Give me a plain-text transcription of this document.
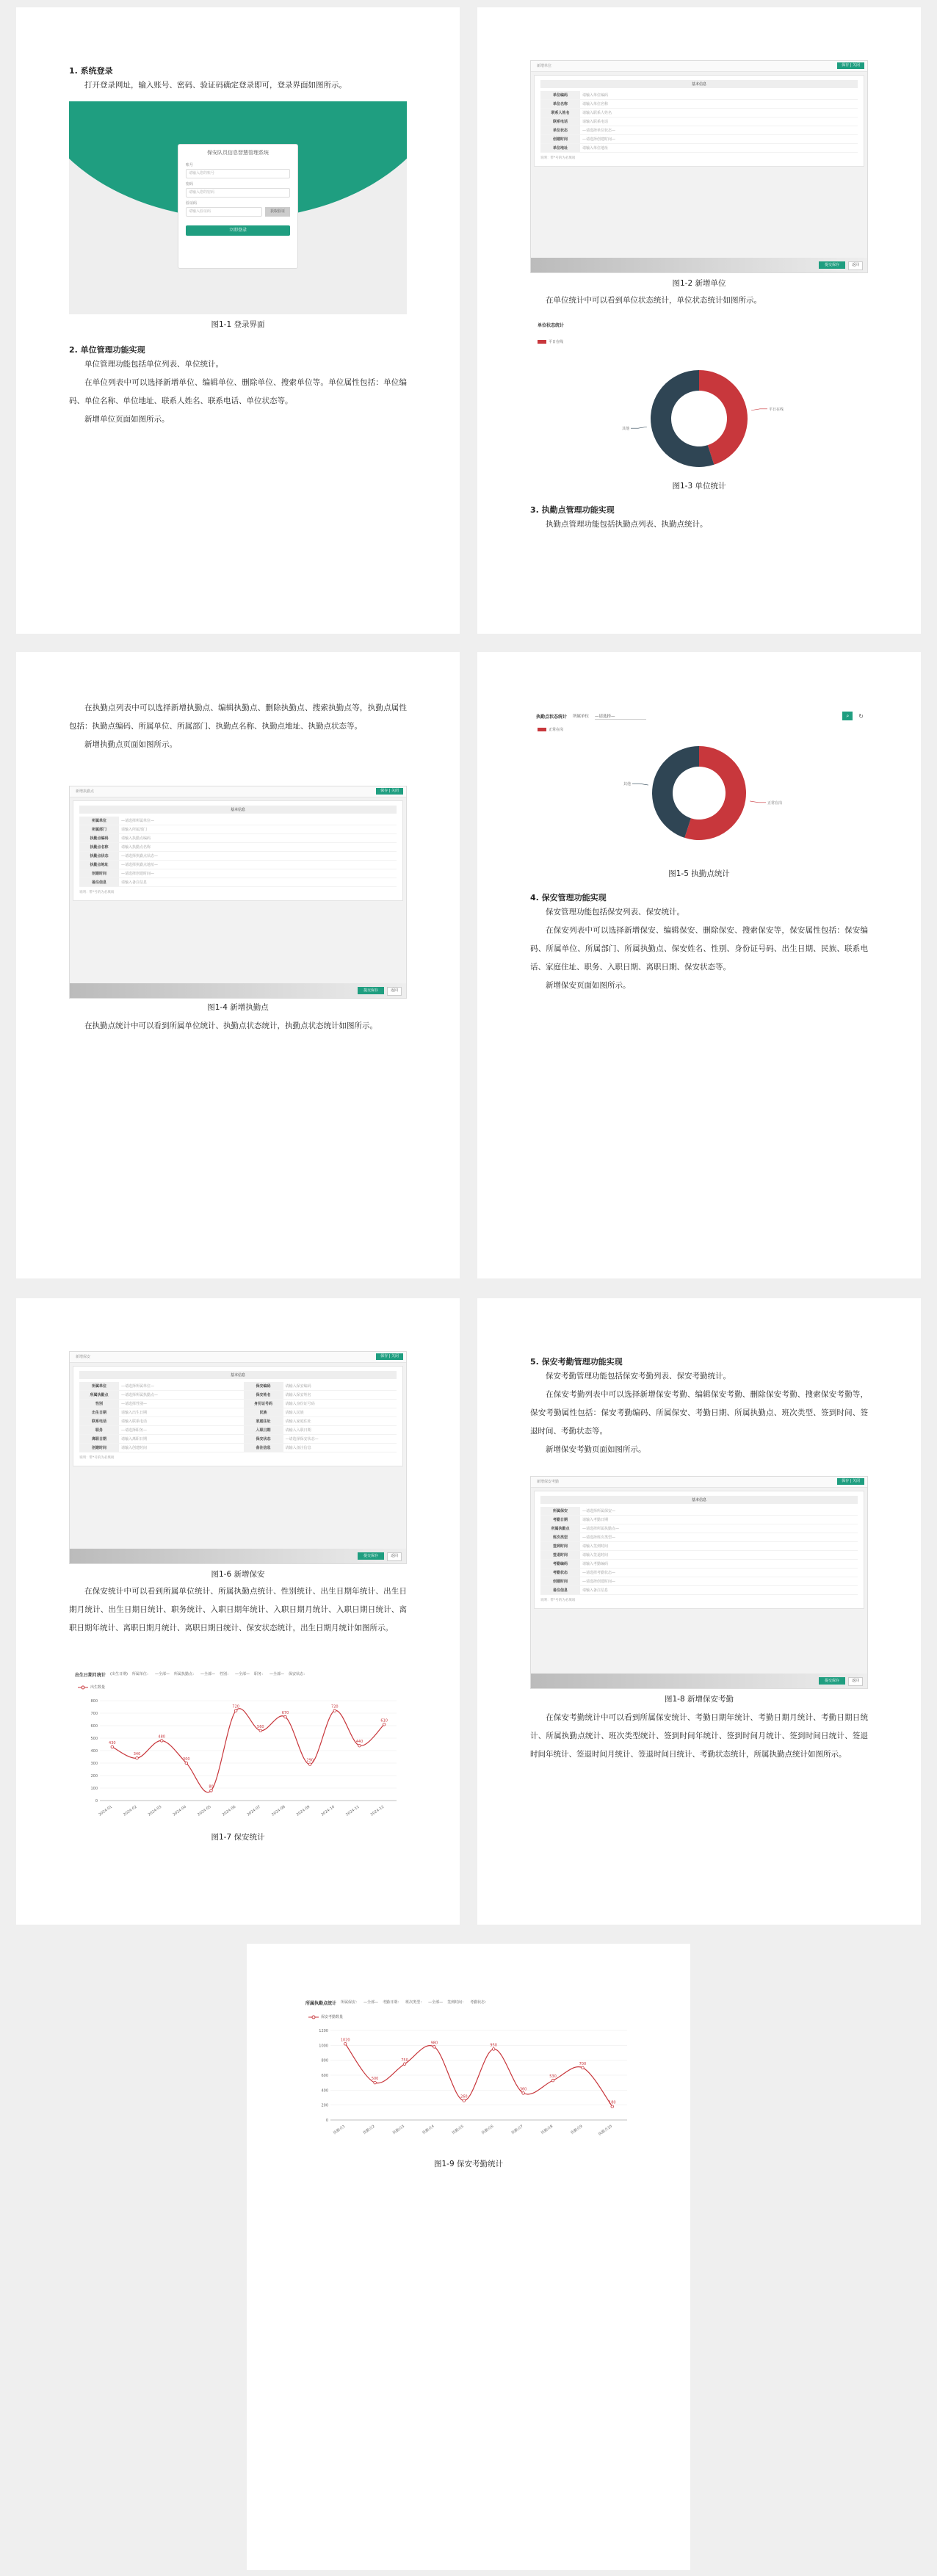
1. 系统登录

打开登录网址，输入账号、密码、验证码确定登录即可，登录界面如图所示。

保安队员信息智慧管理系统
账号
请输入您的账号
密码
请输入您的密码
验证码
请输入验证码	获取验证
立即登录

图1-1 登录界面

2. 单位管理功能实现

单位管理功能包括单位列表、单位统计。

在单位列表中可以选择新增单位、编辑单位、删除单位、搜索单位等。单位属性包括：单位编码、单位名称、单位地址、联系人姓名、联系电话、单位状态等。

新增单位页面如图所示。

新增单位	保存 | 关闭
基本信息
单位编码	请输入单位编码
单位名称	请输入单位名称
联系人姓名	请输入联系人姓名
联系电话	请输入联系电话
单位状态	—请选择单位状态—
创建时间	—请选择创建时间—
单位地址	请输入单位地址
说明：带*号的为必填项
提交保存	返回

图1-2 新增单位

在单位统计中可以看到单位状态统计，单位状态统计如图所示。

单位状态统计
平日在线
平日在线
其他

图1-3 单位统计

3. 执勤点管理功能实现

执勤点管理功能包括执勤点列表、执勤点统计。

在执勤点列表中可以选择新增执勤点、编辑执勤点、删除执勤点、搜索执勤点等，执勤点属性包括：执勤点编码、所属单位、所属部门、执勤点名称、执勤点地址、执勤点状态等。

新增执勤点页面如图所示。

新增执勤点	保存 | 关闭
基本信息
所属单位	—请选择所属单位—
所属部门	请输入所属部门
执勤点编码	请输入执勤点编码
执勤点名称	请输入执勤点名称
执勤点状态	—请选择执勤点状态—
执勤点地址	—请选择执勤点地址—
创建时间	—请选择创建时间—
备注信息	请输入备注信息
说明：带*号的为必填项
提交保存	返回

图1-4 新增执勤点

在执勤点统计中可以看到所属单位统计、执勤点状态统计，执勤点状态统计如图所示。

执勤点状态统计 所属单位 —请选择—	⌕	↻
正常在岗
正常在岗
其他

图1-5 执勤点统计

4. 保安管理功能实现

保安管理功能包括保安列表、保安统计。

在保安列表中可以选择新增保安、编辑保安、删除保安、搜索保安等，保安属性包括：保安编码、所属单位、所属部门、所属执勤点、保安姓名、性别、身份证号码、出生日期、民族、联系电话、家庭住址、职务、入职日期、离职日期、保安状态等。

新增保安页面如图所示。

新增保安	保存 | 关闭
基本信息
所属单位	—请选择所属单位—	保安编码	请输入保安编码
所属执勤点	—请选择所属执勤点—	保安姓名	请输入保安姓名
性别	—请选择性别—	身份证号码	请输入身份证号码
出生日期	请输入出生日期	民族	请输入民族
联系电话	请输入联系电话	家庭住址	请输入家庭住址
职务	—请选择职务—	入职日期	请输入入职日期
离职日期	请输入离职日期	保安状态	—请选择保安状态—
创建时间	请输入创建时间	备注信息	请输入备注信息
说明：带*号的为必填项
提交保存	返回

图1-6 新增保安

在保安统计中可以看到所属单位统计、所属执勤点统计、性别统计、出生日期年统计、出生日期月统计、出生日期日统计、职务统计、入职日期年统计、入职日期月统计、入职日期日统计、离职日期年统计、离职日期月统计、离职日期日统计、保安状态统计，出生日期月统计如图所示。

出生日期月统计 (出生日期) 所属单位： —全部— 所属执勤点： —全部— 性别： —全部— 职务： —全部— 保安状态：
出生数量
0
100
200
300
400
500
600
700
800
2024-01	2024-02	2024-03	2024-04	2024-05	2024-06	2024-07	2024-08	2024-09	2024-10	2024-11	2024-12
430
340
480
300
80
720
560
670
290
720
440
610

图1-7 保安统计

5. 保安考勤管理功能实现

保安考勤管理功能包括保安考勤列表、保安考勤统计。

在保安考勤列表中可以选择新增保安考勤、编辑保安考勤、删除保安考勤、搜索保安考勤等，保安考勤属性包括：保安考勤编码、所属保安、考勤日期、所属执勤点、班次类型、签到时间、签退时间、考勤状态等。

新增保安考勤页面如图所示。

新增保安考勤	保存 | 关闭
基本信息
所属保安	—请选择所属保安—
考勤日期	请输入考勤日期
所属执勤点	—请选择所属执勤点—
班次类型	—请选择班次类型—
签到时间	请输入签到时间
签退时间	请输入签退时间
考勤编码	请输入考勤编码
考勤状态	—请选择考勤状态—
创建时间	—请选择创建时间—
备注信息	请输入备注信息
说明：带*号的为必填项
提交保存	返回

图1-8 新增保安考勤

在保安考勤统计中可以看到所属保安统计、考勤日期年统计、考勤日期月统计、考勤日期日统计、所属执勤点统计、班次类型统计、签到时间年统计、签到时间月统计、签到时间日统计、签退时间年统计、签退时间月统计、签退时间日统计、考勤状态统计，所属执勤点统计如图所示。

所属执勤点统计 所属保安： —全部— 考勤日期： 班次类型： —全部— 签到时间： 考勤状态：
保安考勤数量
0
200
400
600
800
1000
1200
执勤点1	执勤点2	执勤点3	执勤点4	执勤点5	执勤点6	执勤点7	执勤点8	执勤点9	执勤点10
1020
500
750
980
260
950
360
530
700
180

图1-9 保安考勤统计
